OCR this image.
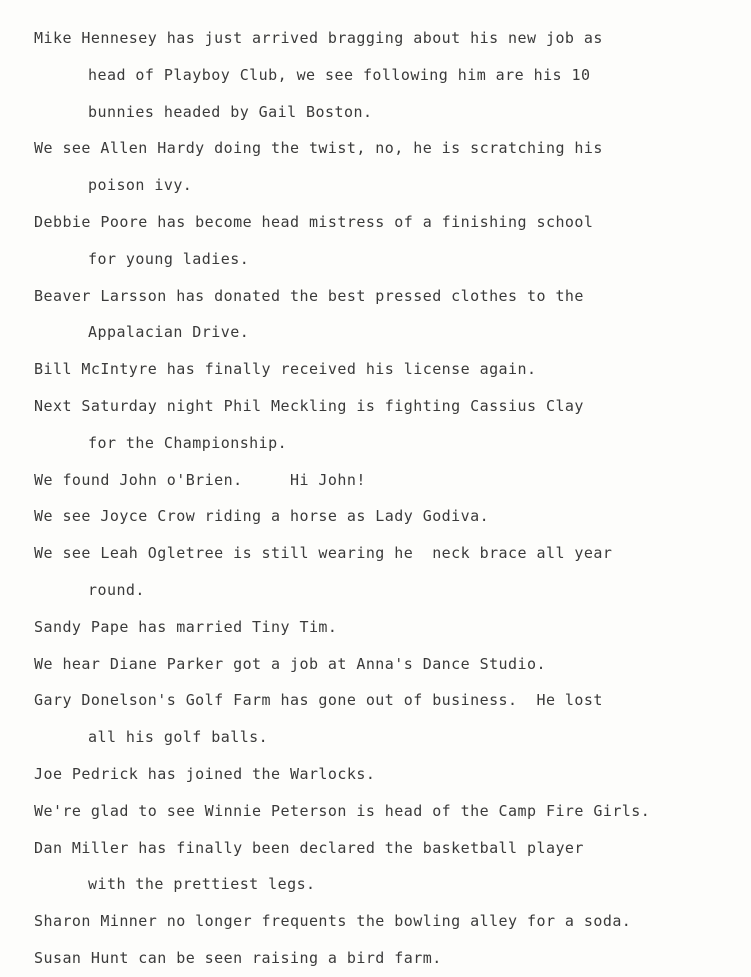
Mike Hennesey has just arrived bragging about his new job as
head of Playboy Club, we see following him are his 10
bunnies headed by Gail Boston.
We see Allen Hardy doing the twist, no, he is scratching his
poison ivy.
Debbie Poore has become head mistress of a finishing school
for young ladies.
Beaver Larsson has donated the best pressed clothes to the
Appalacian Drive.
Bill McIntyre has finally received his license again.
Next Saturday night Phil Meckling is fighting Cassius Clay
for the Championship.
We found John o'Brien.     Hi John!
We see Joyce Crow riding a horse as Lady Godiva.
We see Leah Ogletree is still wearing he  neck brace all year
round.
Sandy Pape has married Tiny Tim.
We hear Diane Parker got a job at Anna's Dance Studio.
Gary Donelson's Golf Farm has gone out of business.  He lost
all his golf balls.
Joe Pedrick has joined the Warlocks.
We're glad to see Winnie Peterson is head of the Camp Fire Girls.
Dan Miller has finally been declared the basketball player
with the prettiest legs.
Sharon Minner no longer frequents the bowling alley for a soda.
Susan Hunt can be seen raising a bird farm.
